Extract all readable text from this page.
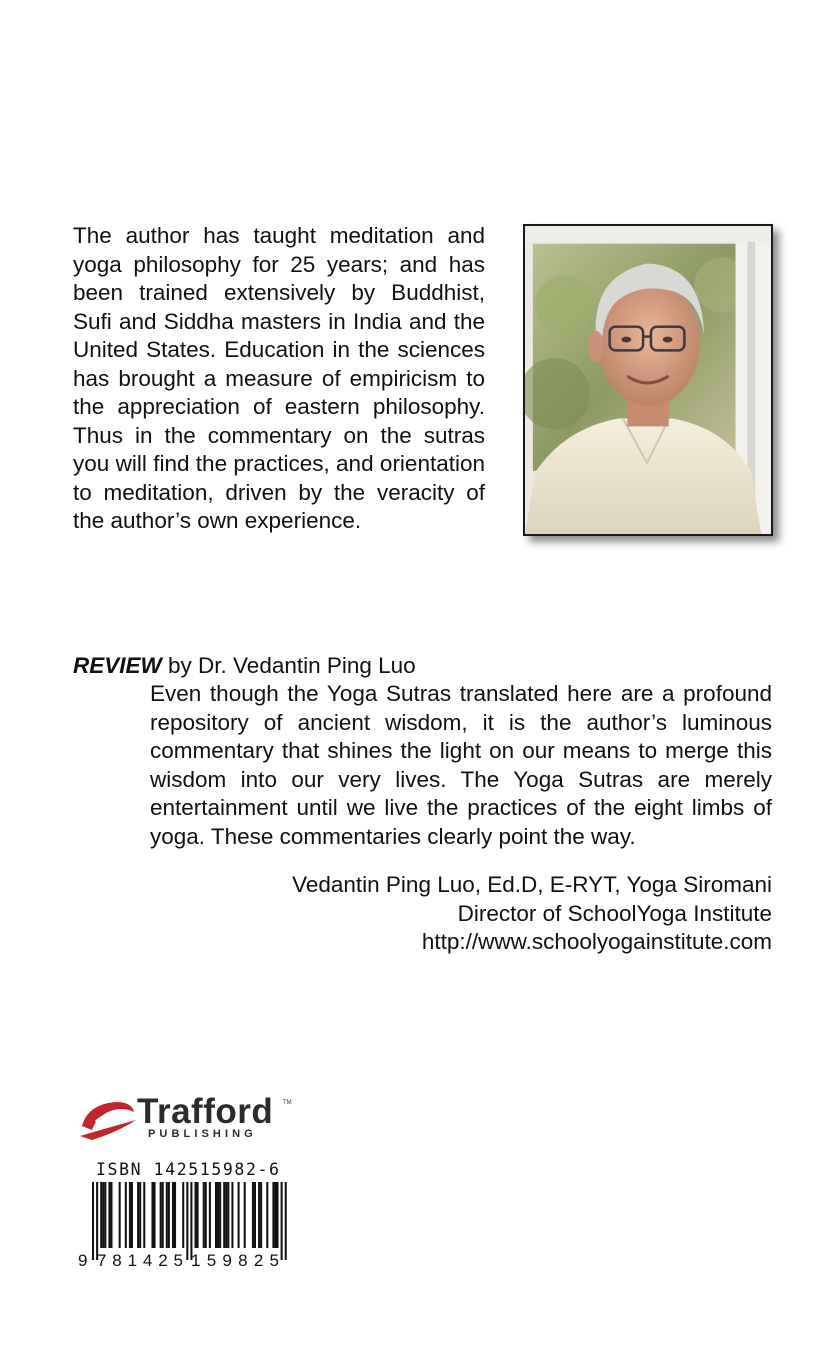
The author has taught meditation and yoga philosophy for 25 years; and has been trained extensively by Buddhist, Sufi and Siddha masters in India and the United States. Education in the sciences has brought a measure of empiricism to the appreciation of eastern philosophy. Thus in the commentary on the sutras you will find the practices, and orientation to meditation, driven by the veracity of the author’s own experience.

REVIEW by Dr. Vedantin Ping Luo

Even though the Yoga Sutras translated here are a profound repository of ancient wisdom, it is the author’s luminous commentary that shines the light on our means to merge this wisdom into our very lives. The Yoga Sutras are merely entertainment until we live the practices of the eight limbs of yoga. These commentaries clearly point the way.

Vedantin Ping Luo, Ed.D, E-RYT, Yoga Siromani
Director of SchoolYoga Institute
http://www.schoolyogainstitute.com
Trafford TM
PUBLISHING
ISBN 142515982-6
9 781425 159825
